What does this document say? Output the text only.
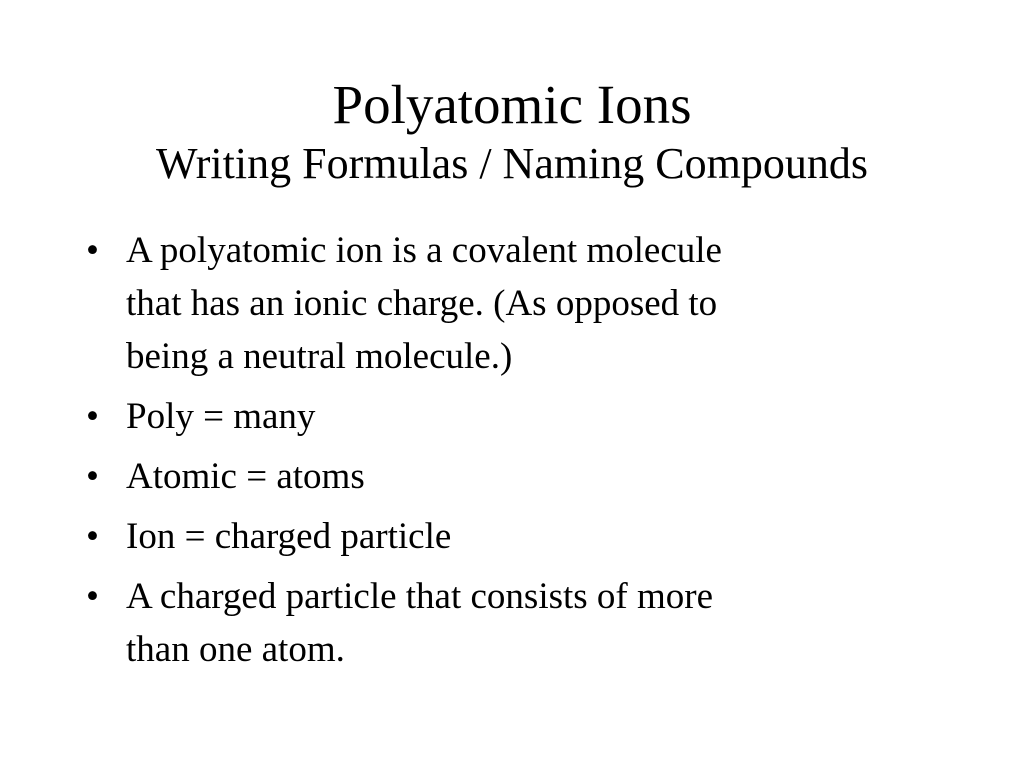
Polyatomic Ions
Writing Formulas / Naming Compounds
• A polyatomic ion is a covalent molecule
that has an ionic charge. (As opposed to
being a neutral molecule.)
• Poly = many
• Atomic = atoms
• Ion = charged particle
• A charged particle that consists of more
than one atom.
